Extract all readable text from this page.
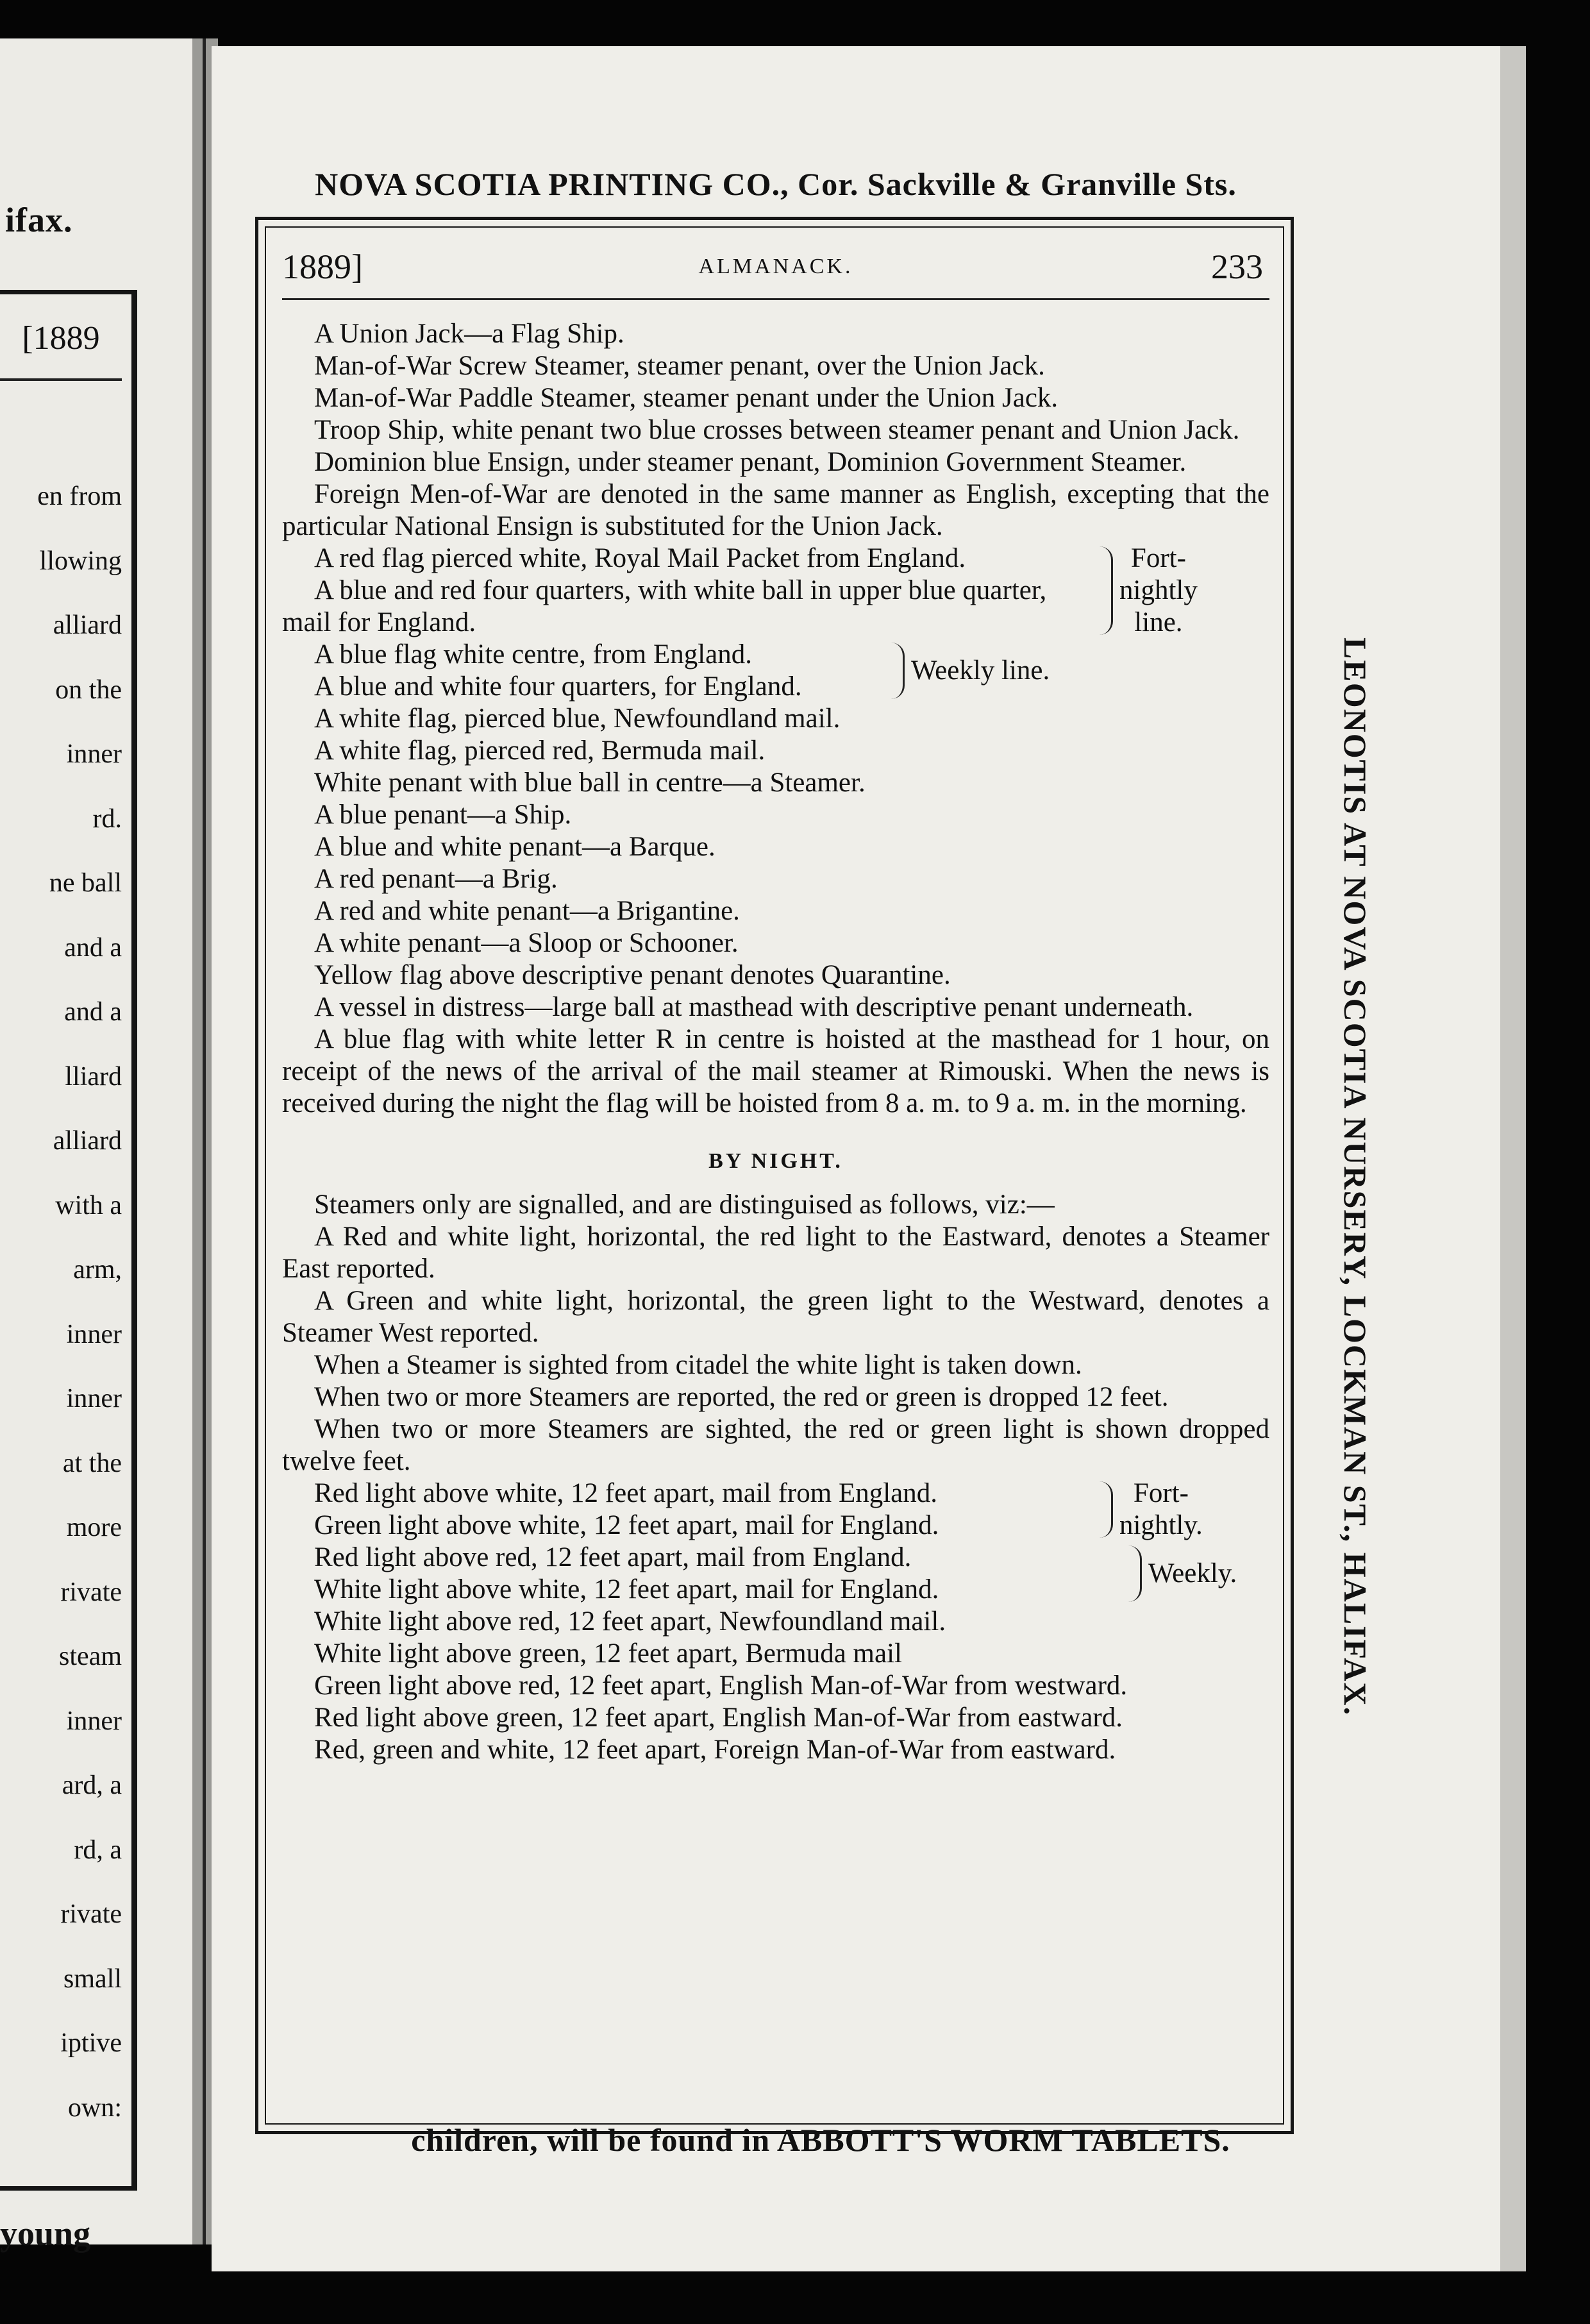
ifax.
[1889
en from
llowing
alliard
on the
inner
rd.
ne ball
and a
and a
lliard
alliard
with a
arm,
inner
inner
at the
more
rivate
steam
inner
ard, a
rd, a
rivate
small
iptive
own:
young
NOVA SCOTIA PRINTING CO., Cor. Sackville & Granville Sts.
LEONOTIS AT NOVA SCOTIA NURSERY, LOCKMAN ST., HALIFAX.
children, will be found in ABBOTT'S WORM TABLETS.
1889]	ALMANACK.	233

A Union Jack—a Flag Ship.

Man-of-War Screw Steamer, steamer penant, over the Union Jack.

Man-of-War Paddle Steamer, steamer penant under the Union Jack.

Troop Ship, white penant two blue crosses between steamer penant and Union Jack.

Dominion blue Ensign, under steamer penant, Dominion Government Steamer.

Foreign Men-of-War are denoted in the same manner as English, excepting that the particular National Ensign is substituted for the Union Jack.

A red flag pierced white, Royal Mail Packet from England.

A blue and red four quarters, with white ball in upper blue quarter, mail for England.

Fort-
nightly
line.

A blue flag white centre, from England.

A blue and white four quarters, for England.

Weekly line.

A white flag, pierced blue, Newfoundland mail.

A white flag, pierced red, Bermuda mail.

White penant with blue ball in centre—a Steamer.

A blue penant—a Ship.

A blue and white penant—a Barque.

A red penant—a Brig.

A red and white penant—a Brigantine.

A white penant—a Sloop or Schooner.

Yellow flag above descriptive penant denotes Quarantine.

A vessel in distress—large ball at masthead with descriptive penant underneath.

A blue flag with white letter R in centre is hoisted at the masthead for 1 hour, on receipt of the news of the arrival of the mail steamer at Rimouski. When the news is received during the night the flag will be hoisted from 8 a. m. to 9 a. m. in the morning.

BY NIGHT.

Steamers only are signalled, and are distinguised as follows, viz:—

A Red and white light, horizontal, the red light to the Eastward, denotes a Steamer East reported.

A Green and white light, horizontal, the green light to the Westward, denotes a Steamer West reported.

When a Steamer is sighted from citadel the white light is taken down.

When two or more Steamers are reported, the red or green is dropped 12 feet.

When two or more Steamers are sighted, the red or green light is shown dropped twelve feet.

Red light above white, 12 feet apart, mail from England.

Green light above white, 12 feet apart, mail for England.

Fort-
nightly.

Red light above red, 12 feet apart, mail from England.

White light above white, 12 feet apart, mail for England.

Weekly.

White light above red, 12 feet apart, Newfoundland mail.

White light above green, 12 feet apart, Bermuda mail

Green light above red, 12 feet apart, English Man-of-War from westward.

Red light above green, 12 feet apart, English Man-of-War from eastward.

Red, green and white, 12 feet apart, Foreign Man-of-War from eastward.
